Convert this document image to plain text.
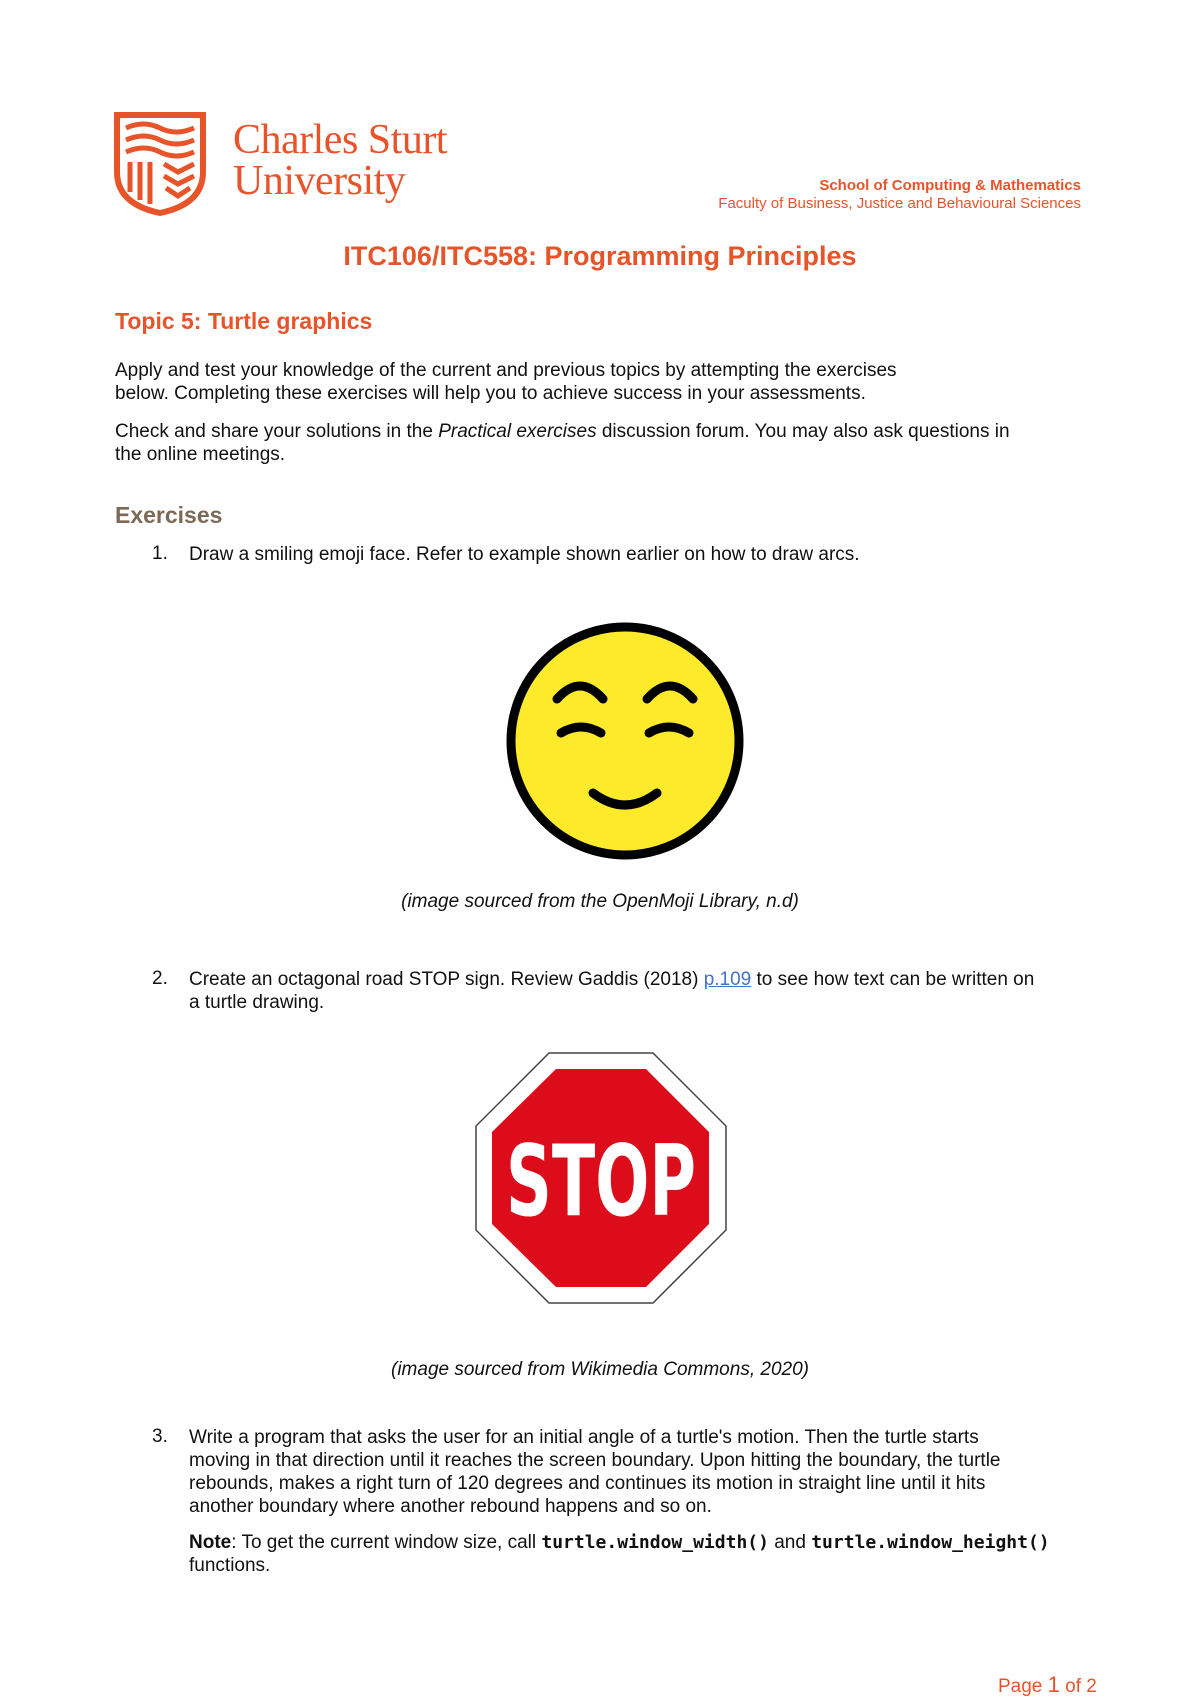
Charles Sturt
University	School of Computing & Mathematics
Faculty of Business, Justice and Behavioural Sciences
ITC106/ITC558: Programming Principles
Topic 5: Turtle graphics
Apply and test your knowledge of the current and previous topics by attempting the exercises
below. Completing these exercises will help you to achieve success in your assessments.
Check and share your solutions in the Practical exercises discussion forum. You may also ask questions in
the online meetings.
Exercises
1. Draw a smiling emoji face. Refer to example shown earlier on how to draw arcs.
(image sourced from the OpenMoji Library, n.d)
2. Create an octagonal road STOP sign. Review Gaddis (2018) p.109 to see how text can be written on
a turtle drawing.
STOP
(image sourced from Wikimedia Commons, 2020)
3. Write a program that asks the user for an initial angle of a turtle's motion. Then the turtle starts
moving in that direction until it reaches the screen boundary. Upon hitting the boundary, the turtle
rebounds, makes a right turn of 120 degrees and continues its motion in straight line until it hits
another boundary where another rebound happens and so on.
Note: To get the current window size, call turtle.window_width() and turtle.window_height()
functions.
Page 1 of 2
